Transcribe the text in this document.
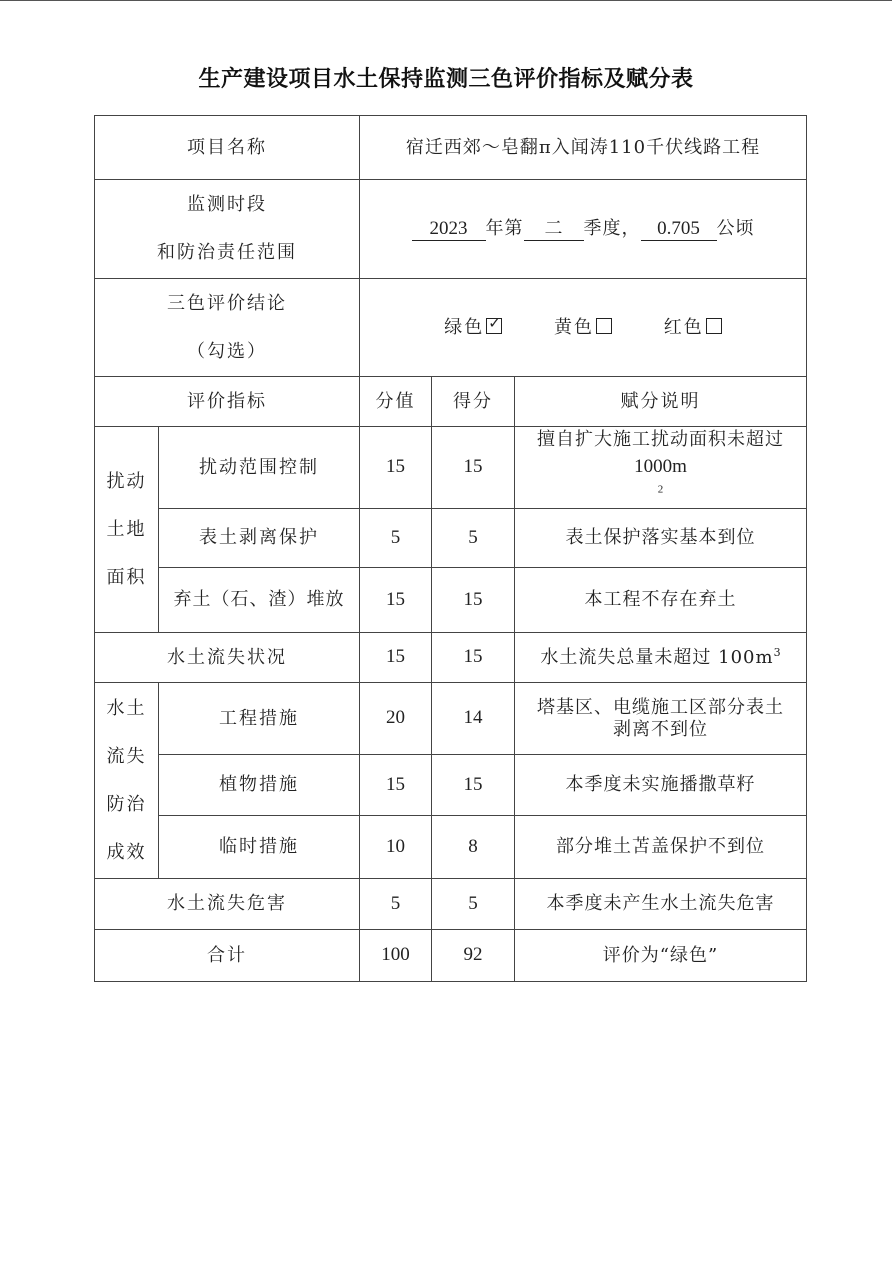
生产建设项目水土保持监测三色评价指标及赋分表
项目名称		宿迁西郊～皂翻π入闻涛110千伏线路工程		

监测时段
和防治责任范围		2023 年第 二 季度， 0.705 公顷		

三色评价结论
（勾选）		绿色 ✓ 黄色 红色		
评价指标		分值	得分	赋分说明

扰动
土地
面积	扰动范围控制	15	15	擅自扩大施工扰动面积未超过
1000m
$^2$

	表土剥离保护	5	5	表土保护落实基本到位
	弃土（石、渣）堆放	15	15	本工程不存在弃土
水土流失状况		15	15	水土流失总量未超过 $100m^3$

水土
流失
防治
成效	工程措施	20	14	塔基区、电缆施工区部分表土
剥离不到位

	植物措施	15	15	本季度未实施播撒草籽
	临时措施	10	8	部分堆土苫盖保护不到位
水土流失危害		5	5	本季度未产生水土流失危害
合计		100	92	评价为“绿色”
